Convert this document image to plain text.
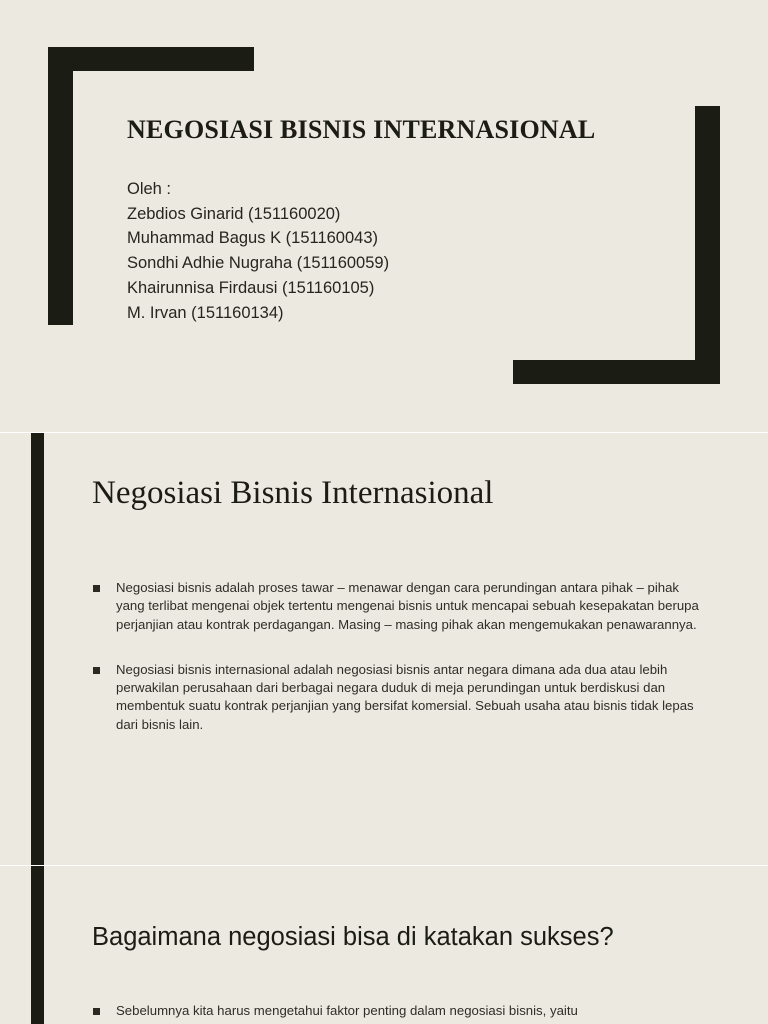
NEGOSIASI BISNIS INTERNASIONAL
Oleh :
Zebdios Ginarid (151160020)
Muhammad Bagus K (151160043)
Sondhi Adhie Nugraha (151160059)
Khairunnisa Firdausi (151160105)
M. Irvan (151160134)
Negosiasi Bisnis Internasional
Negosiasi bisnis adalah proses tawar – menawar dengan cara perundingan antara pihak – pihak yang terlibat mengenai objek tertentu mengenai bisnis untuk mencapai sebuah kesepakatan berupa perjanjian atau kontrak perdagangan. Masing – masing pihak akan mengemukakan penawarannya.
Negosiasi bisnis internasional adalah negosiasi bisnis antar negara dimana ada dua atau lebih perwakilan perusahaan dari berbagai negara duduk di meja perundingan untuk berdiskusi dan membentuk suatu kontrak perjanjian yang bersifat komersial. Sebuah usaha atau bisnis tidak lepas dari bisnis lain.
Bagaimana negosiasi bisa di katakan sukses?
Sebelumnya kita harus mengetahui faktor penting dalam negosiasi bisnis, yaitu
